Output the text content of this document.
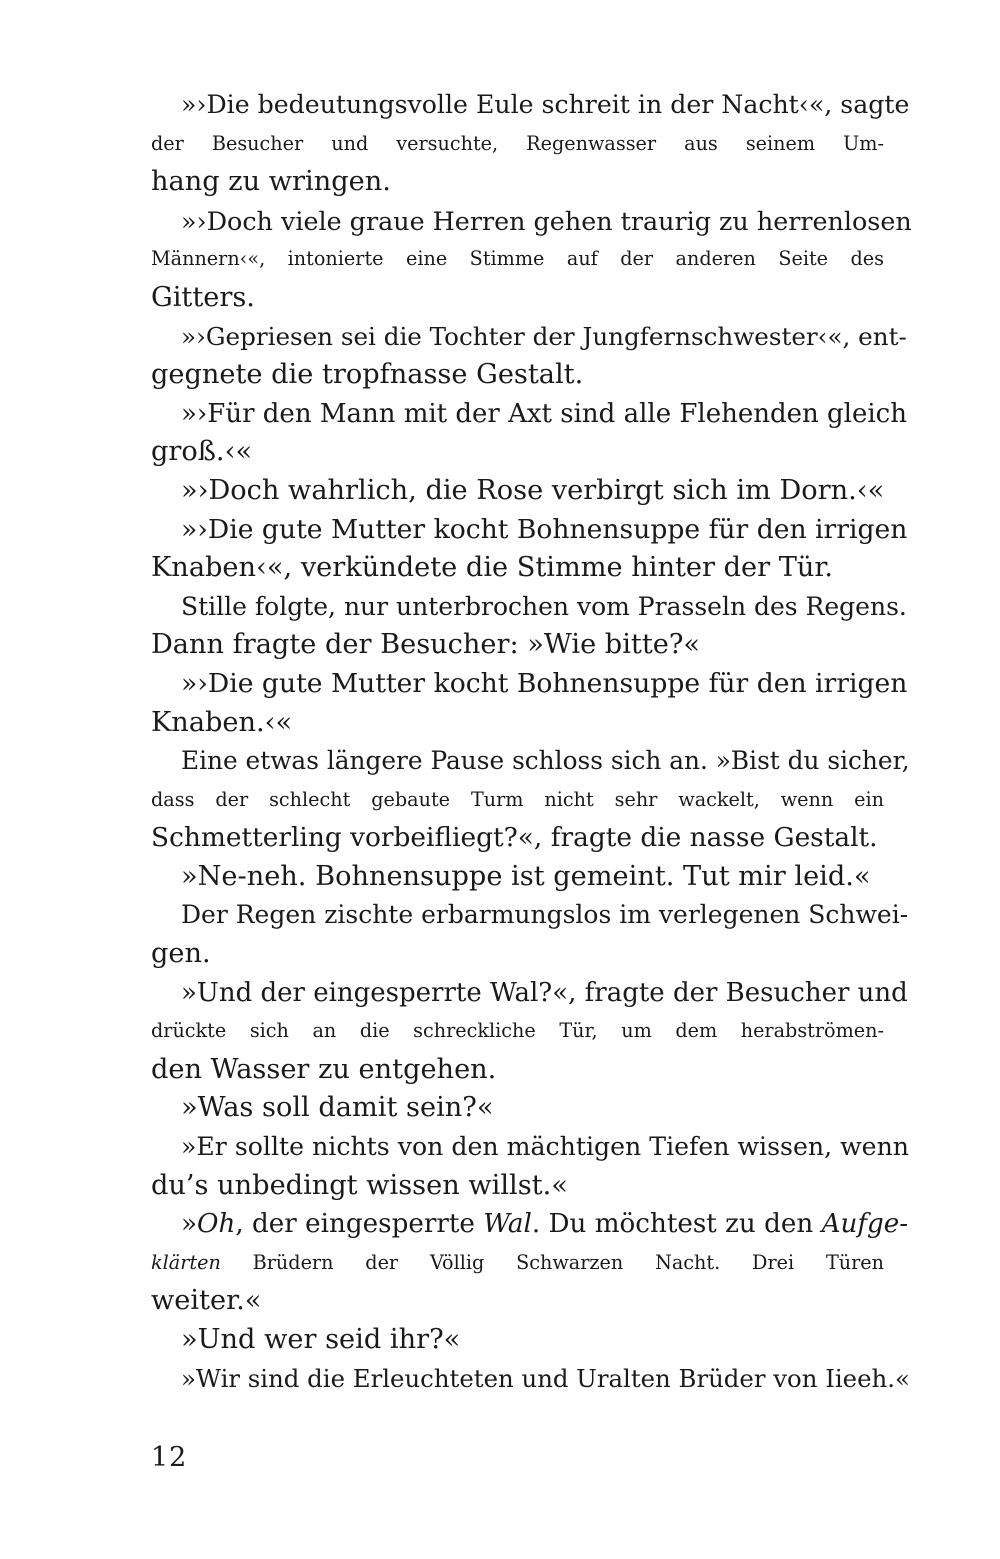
»›Die bedeutungsvolle Eule schreit in der Nacht‹«, sagte
der Besucher und versuchte, Regenwasser aus seinem Um-
hang zu wringen.
»›Doch viele graue Herren gehen traurig zu herrenlosen
Männern‹«, intonierte eine Stimme auf der anderen Seite des
Gitters.
»›Gepriesen sei die Tochter der Jungfernschwester‹«, ent-
gegnete die tropfnasse Gestalt.
»›Für den Mann mit der Axt sind alle Flehenden gleich
groß.‹«
»›Doch wahrlich, die Rose verbirgt sich im Dorn.‹«
»›Die gute Mutter kocht Bohnensuppe für den irrigen
Knaben‹«, verkündete die Stimme hinter der Tür.
Stille folgte, nur unterbrochen vom Prasseln des Regens.
Dann fragte der Besucher: »Wie bitte?«
»›Die gute Mutter kocht Bohnensuppe für den irrigen
Knaben.‹«
Eine etwas längere Pause schloss sich an. »Bist du sicher,
dass der schlecht gebaute Turm nicht sehr wackelt, wenn ein
Schmetterling vorbeifliegt?«, fragte die nasse Gestalt.
»Ne-neh. Bohnensuppe ist gemeint. Tut mir leid.«
Der Regen zischte erbarmungslos im verlegenen Schwei-
gen.
»Und der eingesperrte Wal?«, fragte der Besucher und
drückte sich an die schreckliche Tür, um dem herabströmen-
den Wasser zu entgehen.
»Was soll damit sein?«
»Er sollte nichts von den mächtigen Tiefen wissen, wenn
du’s unbedingt wissen willst.«
»Oh, der eingesperrte Wal. Du möchtest zu den Aufge-
klärten Brüdern der Völlig Schwarzen Nacht. Drei Türen
weiter.«
»Und wer seid ihr?«
»Wir sind die Erleuchteten und Uralten Brüder von Iieeh.«
12
